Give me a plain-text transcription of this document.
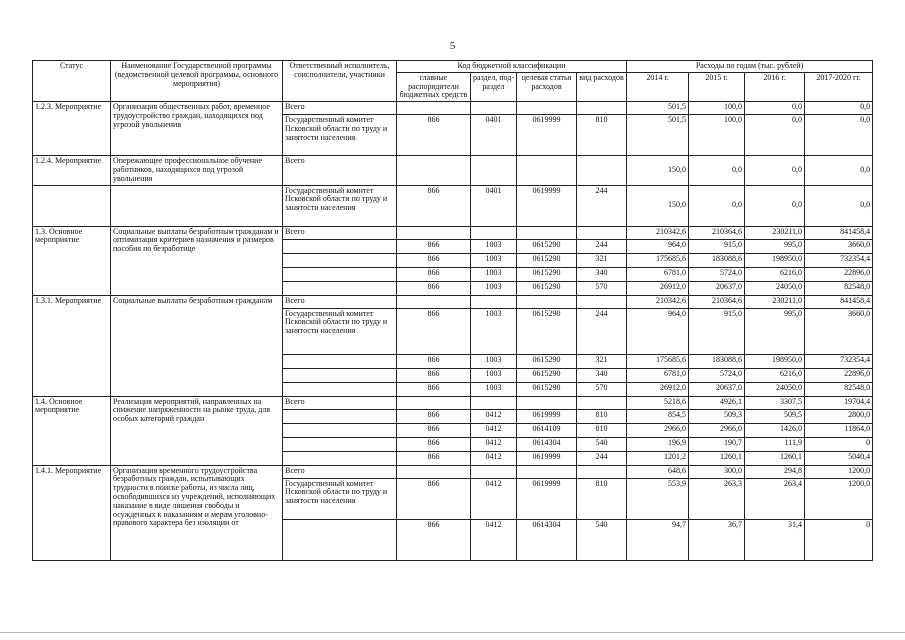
5
Статус	Наименование Государственной программы (ведомственной целевой программы, основного мероприятия)	Ответственный исполнитель, соисполнители, участники	Код бюджетной классификации				Расходы по годам (тыс. рублей)			
			главные распорядители бюджетных средств	раздел, под-раздел	целевая статья расходов	вид расходов	2014 г.	2015 г.	2016 г.	2017-2020 гг.
1.2.3. Мероприятие	Организация общественных работ, временное трудоустройство граждан, находящихся под угрозой увольнения	Всего					501,5	100,0	0,0	0,0
		Государственный комитет Псковской области по труду и занятости населения	866	0401	0619999	810	501,5	100,0	0,0	0,0
1.2.4. Мероприятие	Опережающее профессиональное обучение работников, находящихся под угрозой увольнения	Всего					150,0	0,0	0,0	0,0
		Государственный комитет Псковской области по труду и занятости населения	866	0401	0619999	244	150,0	0,0	0,0	0,0
1.3. Основное мероприятие	Социальные выплаты безработным гражданам и оптимизация критериев назначения и размеров пособия по безработице	Всего					210342,6	210364,6	230211,0	841458,4
			866	1003	0615290	244	964,0	915,0	995,0	3660,0
			866	1003	0615290	321	175685,6	183088,6	198950,0	732354,4
			866	1003	0615290	340	6781,0	5724,0	6216,0	22896,0
			866	1003	0615290	570	26912,0	20637,0	24050,0	82548,0
1.3.1. Мероприятие	Социальные выплаты безработным гражданам	Всего					210342,6	210364,6	230211,0	841458,4
		Государственный комитет Псковской области по труду и занятости населения	866	1003	0615290	244	964,0	915,0	995,0	3660,0
			866	1003	0615290	321	175685,6	183088,6	198950,0	732354,4
			866	1003	0615290	340	6781,0	5724,0	6216,0	22896,0
			866	1003	0615290	570	26912,0	20637,0	24050,0	82548,0
1.4. Основное мероприятие	Реализация мероприятий, направленных на снижение напряженности на рынке труда, для особых категорий граждан	Всего					5218,6	4926,1	3307,5	19704,4
			866	0412	0619999	810	854,5	509,3	509,5	2800,0
			866	0412	0614109	810	2966,0	2966,0	1426,0	11864,0
			866	0412	0614304	540	196,9	190,7	111,9	0
			866	0412	0619999	244	1201,2	1260,1	1260,1	5040,4
1.4.1. Мероприятие	Организация временного трудоустройства безработных граждан, испытывающих трудности в поиске работы, из числа лиц, освободившихся из учреждений, исполняющих наказание в виде лишения свободы и осужденных к наказаниям и мерам уголовно-правового характера без изоляции от	Всего					648,6	300,0	294,8	1200,0
		Государственный комитет Псковской области по труду и занятости населения	866	0412	0619999	810	553,9	263,3	263,4	1200,0
			866	0412	0614304	540	94,7	36,7	31,4	0
